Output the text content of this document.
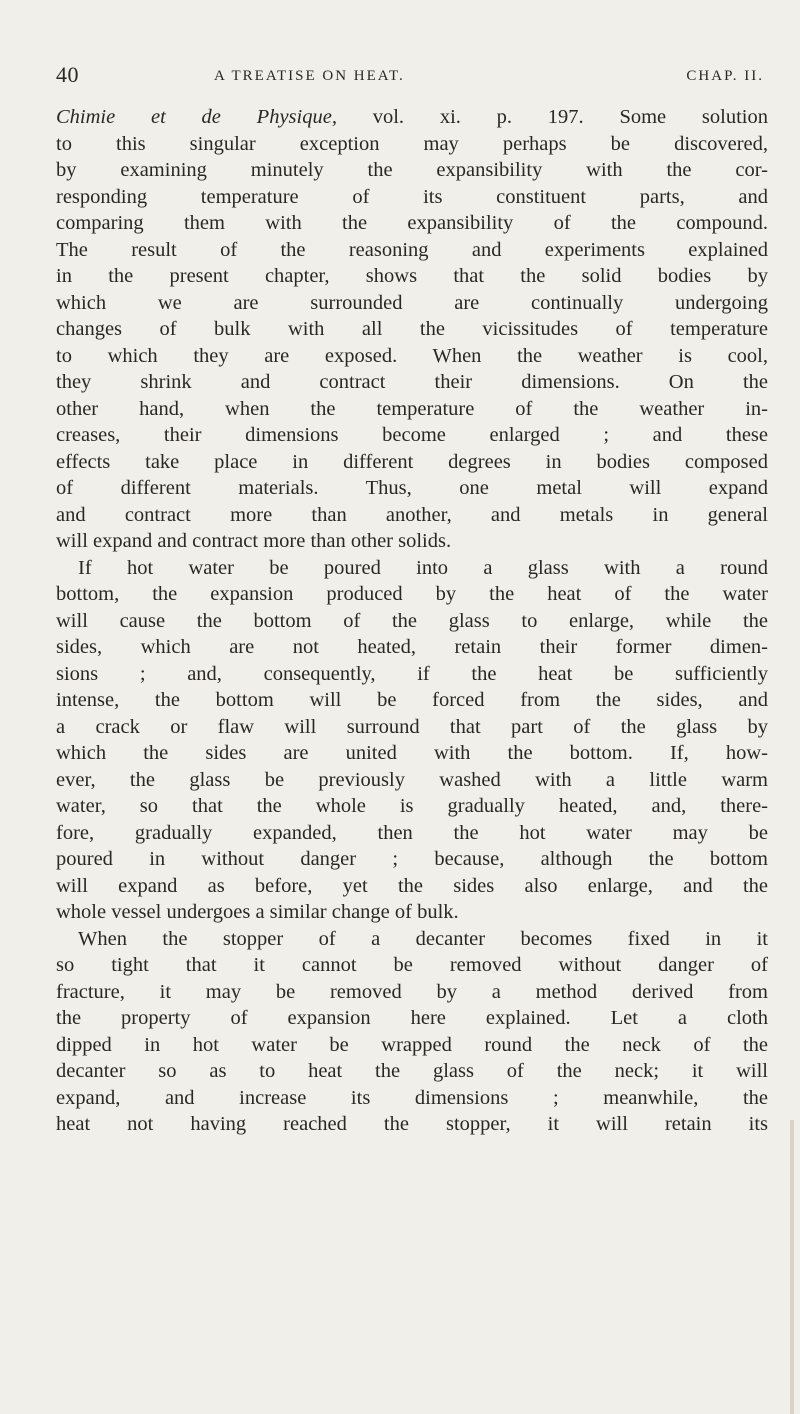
40	A TREATISE ON HEAT.	CHAP. II.
Chimie et de Physique, vol. xi. p. 197. Some solution
to this singular exception may perhaps be discovered,
by examining minutely the expansibility with the cor-
responding temperature of its constituent parts, and
comparing them with the expansibility of the compound.
The result of the reasoning and experiments explained
in the present chapter, shows that the solid bodies by
which we are surrounded are continually undergoing
changes of bulk with all the vicissitudes of temperature
to which they are exposed. When the weather is cool,
they shrink and contract their dimensions. On the
other hand, when the temperature of the weather in-
creases, their dimensions become enlarged ; and these
effects take place in different degrees in bodies composed
of different materials. Thus, one metal will expand
and contract more than another, and metals in general
will expand and contract more than other solids.
If hot water be poured into a glass with a round
bottom, the expansion produced by the heat of the water
will cause the bottom of the glass to enlarge, while the
sides, which are not heated, retain their former dimen-
sions ; and, consequently, if the heat be sufficiently
intense, the bottom will be forced from the sides, and
a crack or flaw will surround that part of the glass by
which the sides are united with the bottom. If, how-
ever, the glass be previously washed with a little warm
water, so that the whole is gradually heated, and, there-
fore, gradually expanded, then the hot water may be
poured in without danger ; because, although the bottom
will expand as before, yet the sides also enlarge, and the
whole vessel undergoes a similar change of bulk.
When the stopper of a decanter becomes fixed in it
so tight that it cannot be removed without danger of
fracture, it may be removed by a method derived from
the property of expansion here explained. Let a cloth
dipped in hot water be wrapped round the neck of the
decanter so as to heat the glass of the neck; it will
expand, and increase its dimensions ; meanwhile, the
heat not having reached the stopper, it will retain its
